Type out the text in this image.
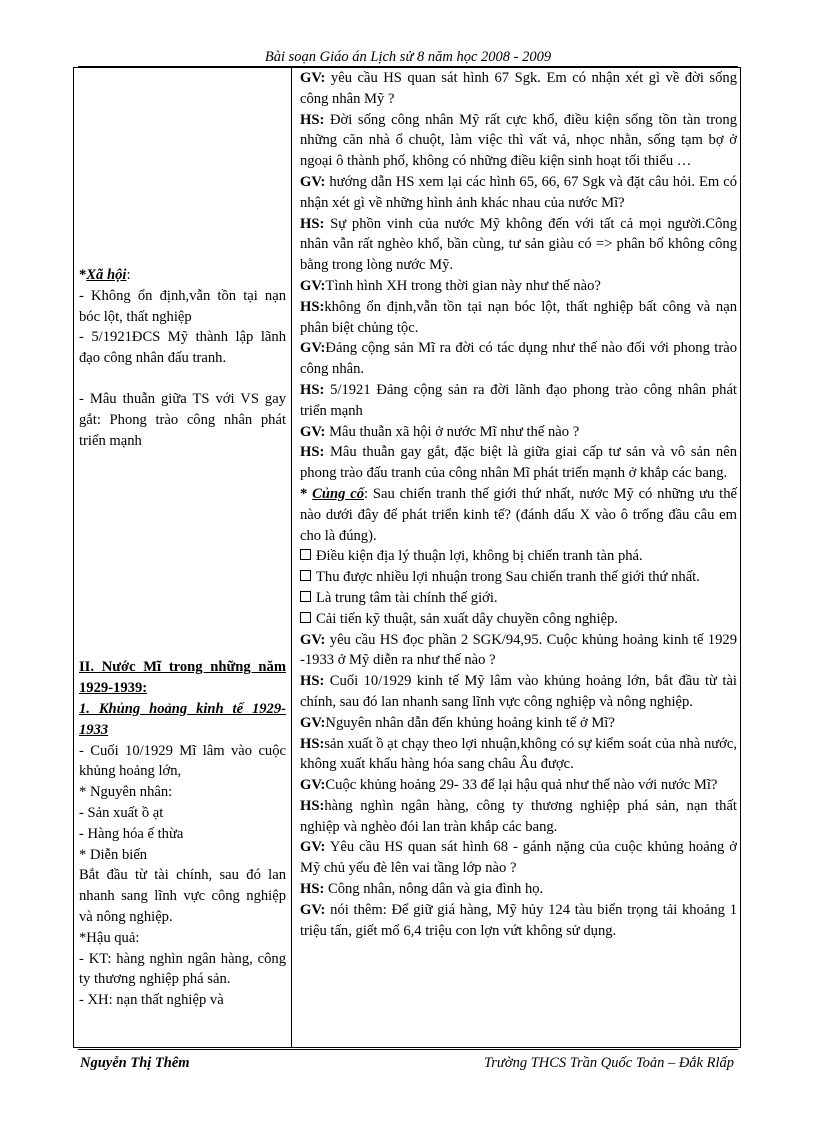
Bài soạn Giáo án Lịch sử 8 năm học 2008 - 2009

*Xã hội:

- Không ổn định,vẫn tồn tại nạn bóc lột, thất nghiệp

- 5/1921ĐCS Mỹ thành lập lãnh đạo công nhân đấu tranh.

- Mâu thuẫn giữa TS với VS gay gắt: Phong trào công nhân phát triển mạnh

II. Nước Mĩ trong những năm 1929-1939:

1. Khủng hoảng kinh tế 1929- 1933

- Cuối 10/1929 Mĩ lâm vào cuộc khủng hoảng lớn,

* Nguyên nhân:

- Sản xuất ồ ạt

- Hàng hóa ế thừa

* Diễn biến

Bắt đầu từ tài chính, sau đó lan nhanh sang lĩnh vực công nghiệp và nông nghiệp.

*Hậu quả:

- KT: hàng nghìn ngân hàng, công ty thương nghiệp phá sản.

- XH: nạn thất nghiệp và

GV: yêu cầu HS quan sát hình 67 Sgk. Em có nhận xét gì về đời sống công nhân Mỹ ?

HS: Đời sống công nhân Mỹ rất cực khổ, điều kiện sống tồn tàn trong những căn nhà ổ chuột, làm việc thì vất vả, nhọc nhằn, sống tạm bợ ở ngoại ô thành phố, không có những điều kiện sinh hoạt tối thiểu …

GV: hướng dẫn HS xem lại các hình 65, 66, 67 Sgk và đặt câu hỏi. Em có nhận xét gì về những hình ảnh khác nhau của nước Mĩ?

HS: Sự phồn vinh của nước Mỹ không đến với tất cả mọi người.Công nhân vẫn rất nghèo khổ, bần cùng, tư sản giàu có => phân bố không công bằng trong lòng nước Mỹ.

GV:Tình hình XH trong thời gian này như thế nào?

HS:không ổn định,vẫn tồn tại nạn bóc lột, thất nghiệp bất công và nạn phân biệt chủng tộc.

GV:Đảng cộng sản Mĩ ra đời có tác dụng như thế nào đối với phong trào công nhân.

HS: 5/1921 Đảng cộng sản ra đời lãnh đạo phong trào công nhân phát triển mạnh

GV: Mâu thuẫn xã hội ở nước Mĩ như thế nào ?

HS: Mâu thuẫn gay gắt, đặc biệt là giữa giai cấp tư sản và vô sản nên phong trào đấu tranh của công nhân Mĩ phát triển mạnh ở khắp các bang.

* Củng cố: Sau chiến tranh thế giới thứ nhất, nước Mỹ có những ưu thế nào dưới đây để phát triển kinh tế? (đánh dấu X vào ô trống đầu câu em cho là đúng).

Điều kiện địa lý thuận lợi, không bị chiến tranh tàn phá.

Thu được nhiều lợi nhuận trong Sau chiến tranh thế giới thứ nhất.

Là trung tâm tài chính thế giới.

Cải tiến kỹ thuật, sản xuất dây chuyền công nghiệp.

GV: yêu cầu HS đọc phần 2 SGK/94,95. Cuộc khủng hoảng kinh tế 1929 -1933 ở Mỹ diễn ra như thế nào ?

HS: Cuối 10/1929 kinh tế Mỹ lâm vào khủng hoảng lớn, bắt đầu từ tài chính, sau đó lan nhanh sang lĩnh vực công nghiệp và nông nghiệp.

GV:Nguyên nhân dẫn đến khủng hoảng kinh tế ở Mĩ?

HS:sản xuất ồ ạt chạy theo lợi nhuận,không có sự kiểm soát của nhà nước, không xuất khẩu hàng hóa sang châu Âu được.

GV:Cuộc khủng hoảng 29- 33 để lại hậu quả như thế nào với nước Mĩ?

HS:hàng nghìn ngân hàng, công ty thương nghiệp phá sản, nạn thất nghiệp và nghèo đói lan tràn khắp các bang.

GV: Yêu cầu HS quan sát hình 68 - gánh nặng của cuộc khủng hoảng ở Mỹ chủ yếu đè lên vai tầng lớp nào ?

HS: Công nhân, nông dân và gia đình họ.

GV: nói thêm: Để giữ giá hàng, Mỹ hủy 124 tàu biển trọng tải khoảng 1 triệu tấn, giết mổ 6,4 triệu con lợn vứt không sử dụng.

Nguyễn Thị Thêm	Trường THCS Trần Quốc Toản – Đắk Rlấp
